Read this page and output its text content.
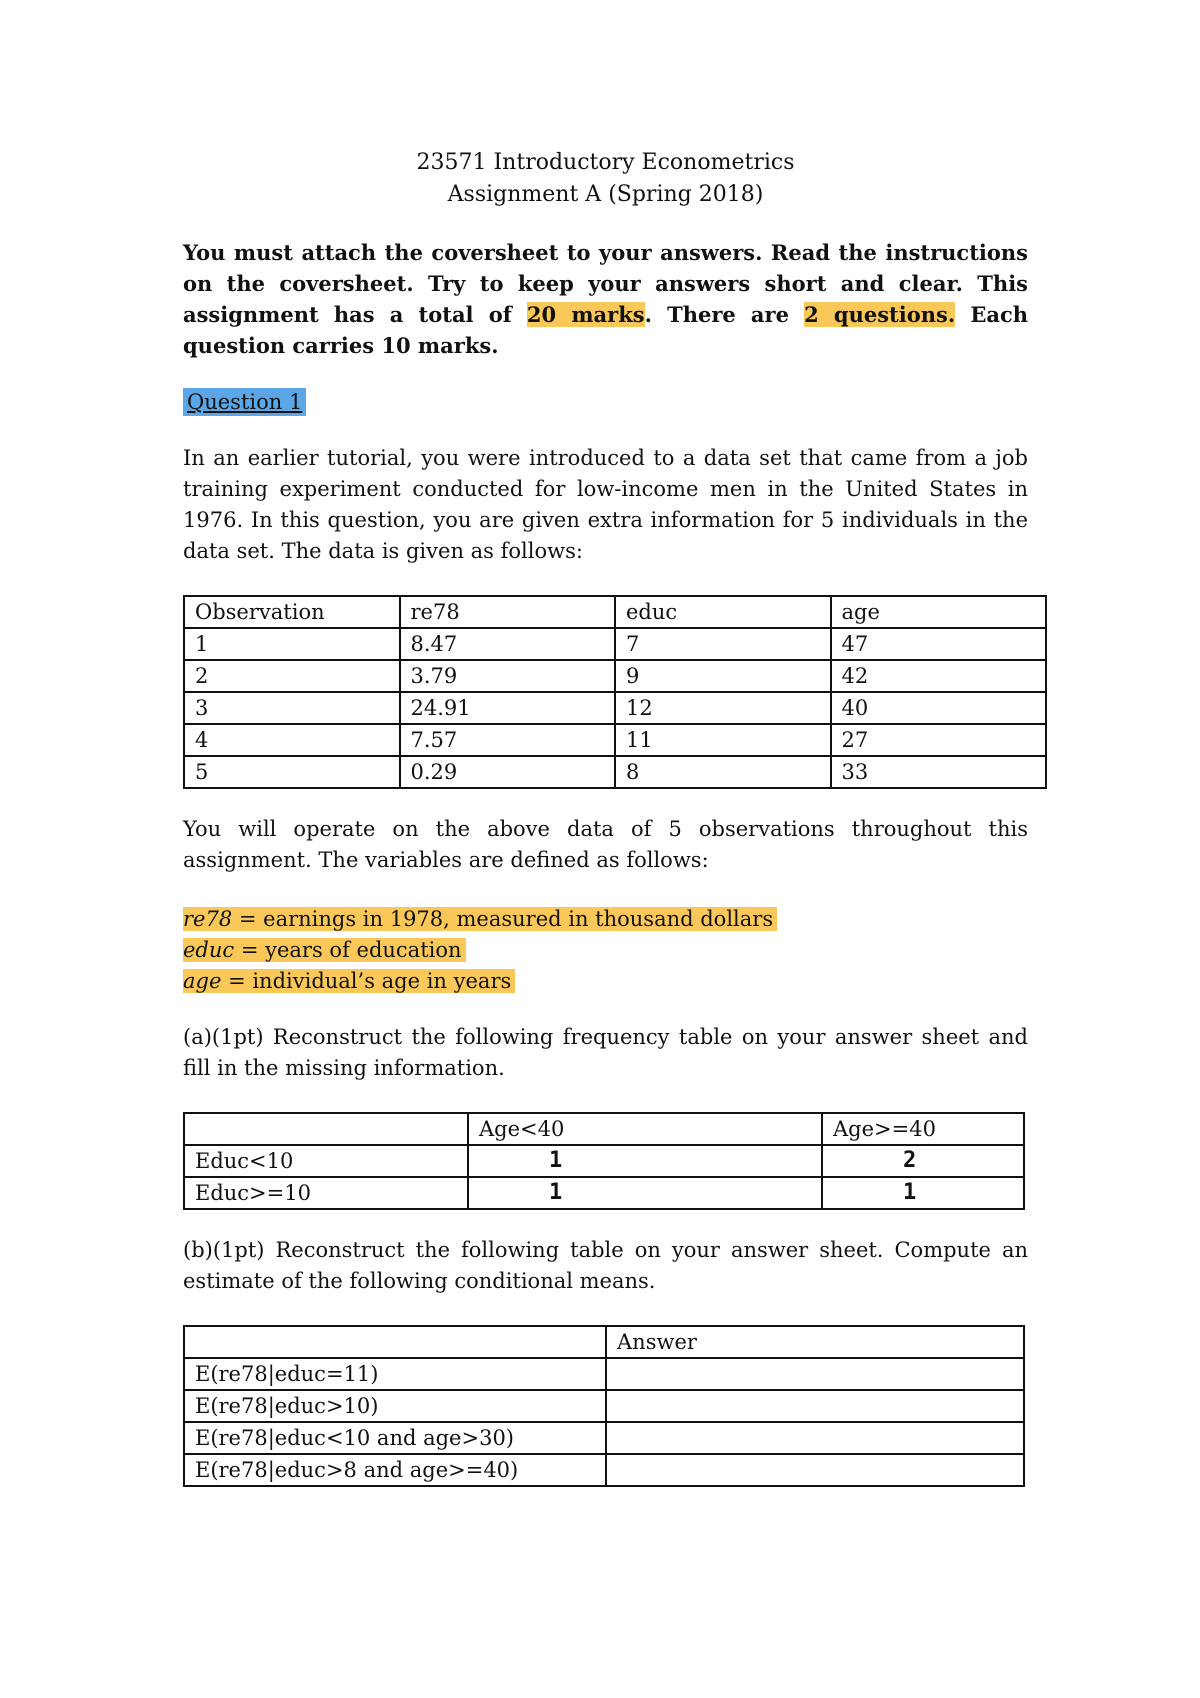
23571 Introductory Econometrics
Assignment A (Spring 2018)
You must attach the coversheet to your answers. Read the instructions on the coversheet. Try to keep your answers short and clear. This assignment has a total of 20 marks. There are 2 questions. Each question carries 10 marks.
Question 1
In an earlier tutorial, you were introduced to a data set that came from a job training experiment conducted for low-income men in the United States in 1976. In this question, you are given extra information for 5 individuals in the data set. The data is given as follows:
Observation	re78	educ	age
1	8.47	7	47
2	3.79	9	42
3	24.91	12	40
4	7.57	11	27
5	0.29	8	33
You will operate on the above data of 5 observations throughout this assignment. The variables are defined as follows:
re78 = earnings in 1978, measured in thousand dollars
educ = years of education
age = individual’s age in years
(a)(1pt) Reconstruct the following frequency table on your answer sheet and fill in the missing information.
	Age<40	Age>=40
Educ<10	1	2
Educ>=10	1	1
(b)(1pt) Reconstruct the following table on your answer sheet. Compute an estimate of the following conditional means.
	Answer
E(re78|educ=11)	
E(re78|educ>10)	
E(re78|educ<10 and age>30)	
E(re78|educ>8 and age>=40)	
